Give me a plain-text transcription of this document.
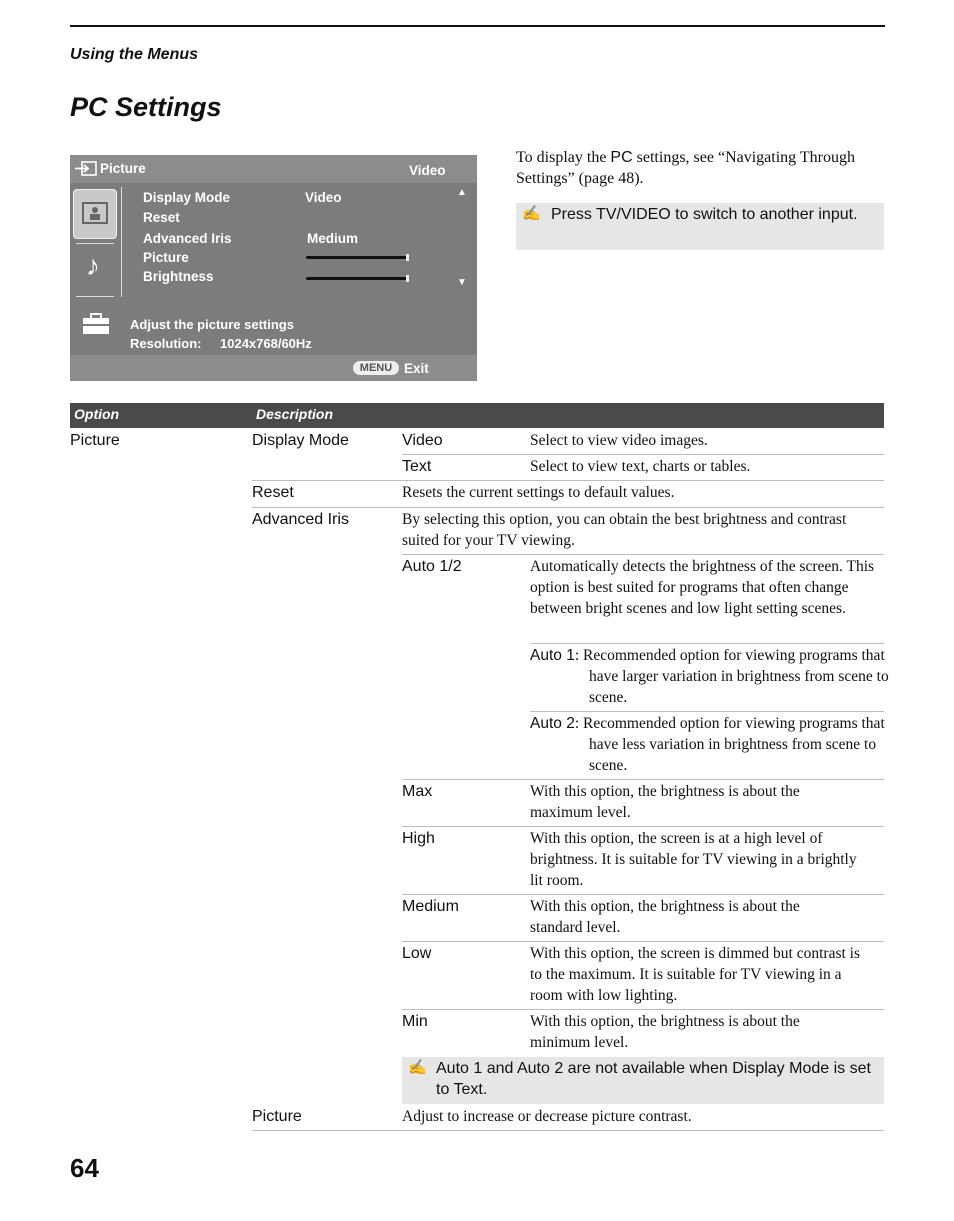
Using the Menus
PC Settings
Picture	Video
♪
Display Mode	Video
Reset
Advanced Iris	Medium
Picture
Brightness
▲
▼
Adjust the picture settings
Resolution: 1024x768/60Hz
MENU Exit
To display the PC settings, see “Navigating Through Settings” (page 48).
✍ Press TV/VIDEO to switch to another input.
Option	Description
Picture	Display Mode	Video	Select to view video images.
Text	Select to view text, charts or tables.
Reset	Resets the current settings to default values.
Advanced Iris	By selecting this option, you can obtain the best brightness and contrast suited for your TV viewing.
Auto 1/2	Automatically detects the brightness of the screen. This option is best suited for programs that often change between bright scenes and low light setting scenes.
Auto 1: Recommended option for viewing programs that have larger variation in brightness from scene to scene.
Auto 2: Recommended option for viewing programs that have less variation in brightness from scene to scene.
Max	With this option, the brightness is about the maximum level.
High	With this option, the screen is at a high level of brightness. It is suitable for TV viewing in a brightly lit room.
Medium	With this option, the brightness is about the standard level.
Low	With this option, the screen is dimmed but contrast is to the maximum. It is suitable for TV viewing in a room with low lighting.
Min	With this option, the brightness is about the minimum level.
✍ Auto 1 and Auto 2 are not available when Display Mode is set to Text.
Picture	Adjust to increase or decrease picture contrast.
64
